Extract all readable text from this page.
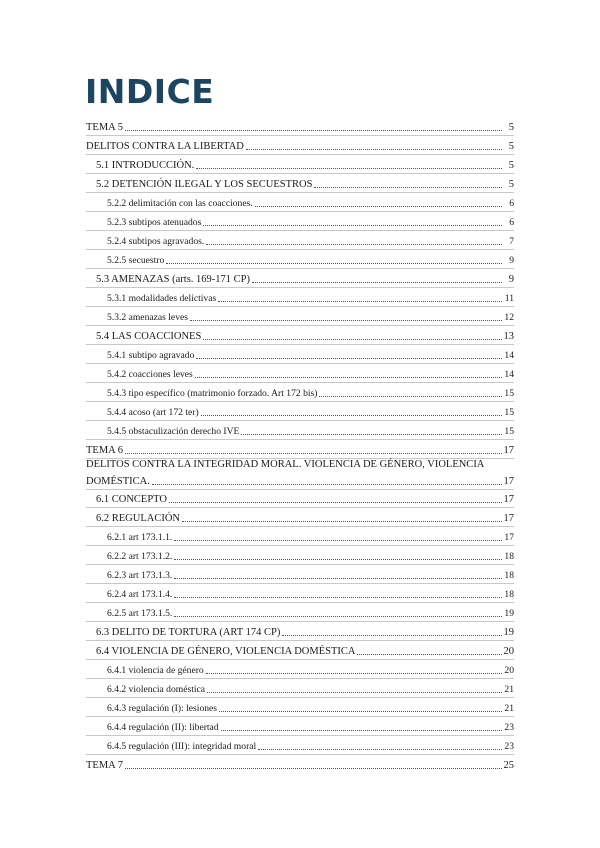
INDICE
TEMA 5	5
DELITOS CONTRA LA LIBERTAD	5
5.1 INTRODUCCIÓN.	5
5.2 DETENCIÓN ILEGAL Y LOS SECUESTROS	5
5.2.2 delimitación con las coacciones.	6
5.2.3 subtipos atenuados	6
5.2.4 subtipos agravados.	7
5.2.5 secuestro	9
5.3 AMENAZAS (arts. 169-171 CP)	9
5.3.1 modalidades delictivas	11
5.3.2 amenazas leves	12
5.4 LAS COACCIONES	13
5.4.1 subtipo agravado	14
5.4.2 coacciones leves	14
5.4.3 tipo específico (matrimonio forzado. Art 172 bis)	15
5.4.4 acoso (art 172 ter)	15
5.4.5 obstaculización derecho IVE	15
TEMA 6	17
DELITOS CONTRA LA INTEGRIDAD MORAL. VIOLENCIA DE GÉNERO, VIOLENCIA
DOMÉSTICA.	17
6.1 CONCEPTO	17
6.2 REGULACIÓN	17
6.2.1 art 173.1.1.	17
6.2.2 art 173.1.2.	18
6.2.3 art 173.1.3.	18
6.2.4 art 173.1.4.	18
6.2.5 art 173.1.5.	19
6.3 DELITO DE TORTURA (ART 174 CP)	19
6.4 VIOLENCIA DE GÉNERO, VIOLENCIA DOMÉSTICA	20
6.4.1 violencia de género	20
6.4.2 violencia doméstica	21
6.4.3 regulación (I): lesiones	21
6.4.4 regulación (II): libertad	23
6.4.5 regulación (III): integridad moral	23
TEMA 7	25
